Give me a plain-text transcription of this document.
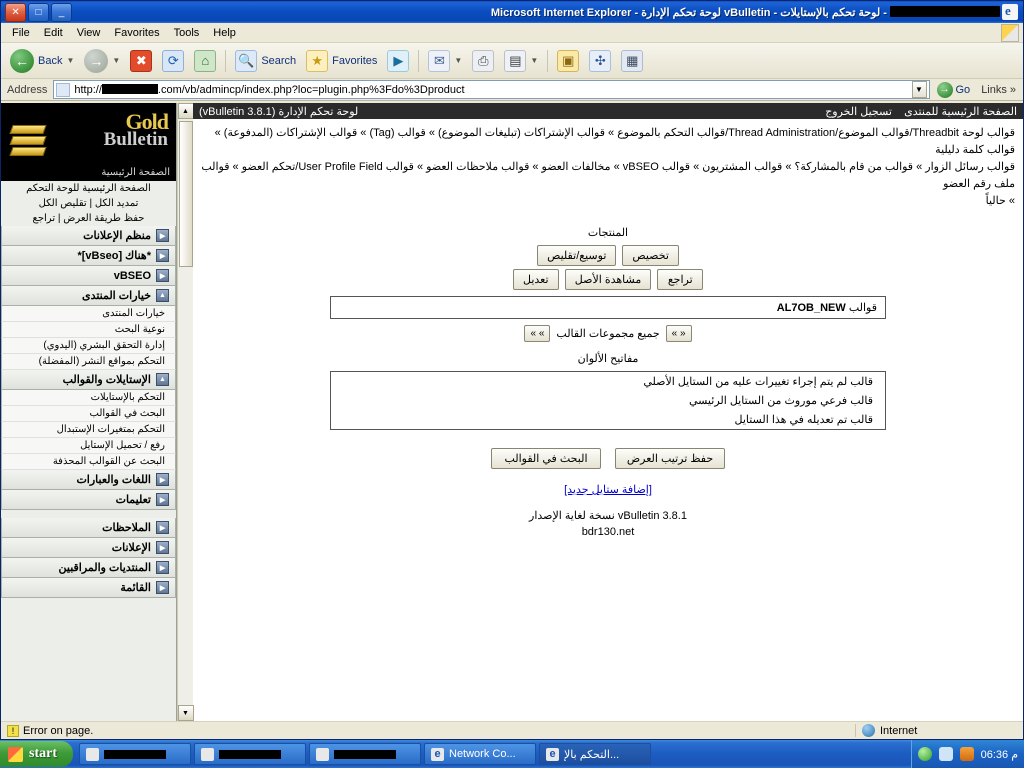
e
- لوحة تحكم بالإستايلات - vBulletin لوحة تحكم الإدارة - Microsoft Internet Explorer
_
□
✕
File	Edit	View	Favorites	Tools	Help
← Back ▼	→	▼	✖	⟳	⌂	🔍 Search	★ Favorites	▶	✉	▼	⎙	▤	▼	▣	✣	▦
Address http://	.com/vb/admincp/index.php?loc=plugin.php%3Fdo%3Dproduct	▼	→ Go Links »
الصفحة الرئيسية للمنتدى    تسجيل الخروج
لوحة تحكم الإدارة (vBulletin 3.8.1)
قوالب لوحة Threadbit/قوالب الموضوع/Thread Administration/قوالب التحكم بالموضوع » قوالب الإشتراكات (تبليغات الموضوع) » قوالب (Tag) » قوالب الإشتراكات (المدفوعة) » قوالب كلمة دليلية
قوالب رسائل الزوار » قوالب من قام بالمشاركة؟ » قوالب المشتريون » قوالب vBSEO » مخالفات العضو » قوالب ملاحظات العضو » قوالب User Profile Field/تحكم العضو » قوالب ملف رقم العضو
» حالياً
المنتجات
تخصيص
توسيع/تقليص
تراجع
مشاهدة الأصل
تعديل
قوالب AL7OB_NEW
« »
جميع مجموعات القالب
» »
مفاتيح الألوان
قالب لم يتم إجراء تغييرات عليه من الستايل الأصلي
قالب فرعي موروث من الستايل الرئيسي
قالب تم تعديله في هذا الستايل
حفظ ترتيب العرض
البحث في القوالب
[إضافة ستايل جديد]
vBulletin 3.8.1 نسخة لغاية الإصدار
bdr130.net
▲
▼
Gold
Bulletin
الصفحة الرئيسية
الصفحة الرئيسية للوحة التحكم
تمديد الكل | تقليص الكل
حفظ طريقة العرض | تراجع
▶
منظم الإعلانات
▶
*هناك [vBseo]*
▶
vBSEO
▲
خيارات المنتدى
خيارات المنتدى
نوعية البحث
إدارة التحقق البشري (اليدوي)
التحكم بمواقع النشر (المفضلة)
▲
الإستايلات والقوالب
التحكم بالإستايلات
البحث في القوالب
التحكم بمتغيرات الإستبدال
رفع / تحميل الإستايل
البحث عن القوالب المحذفة
▶
اللغات والعبارات
▶
تعليمات
▶
الملاحظات
▶
الإعلانات
▶
المنتديات والمراقبين
▶
القائمة
! Error on page.	Internet
start e	Network Co... e	التحكم بالإ...	06:36 م
